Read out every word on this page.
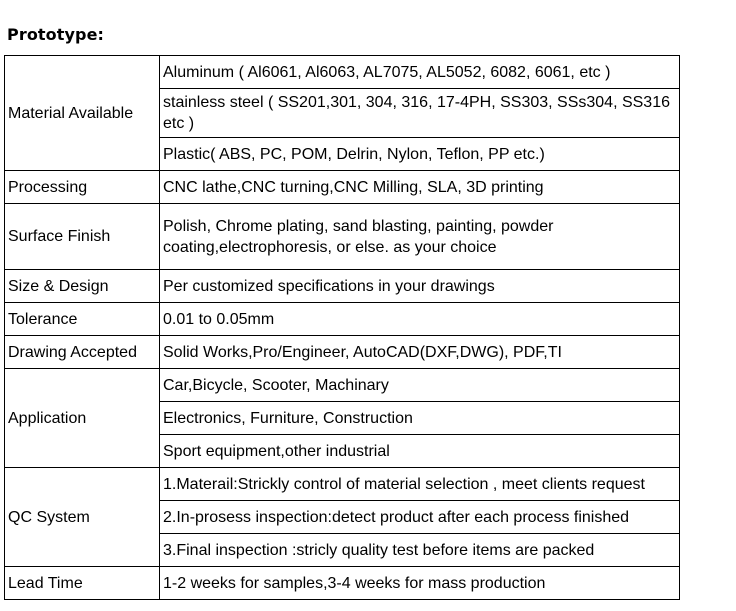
Prototype:
Material Available	Aluminum ( Al6061, Al6063, AL7075, AL5052, 6082, 6061, etc )
	stainless steel ( SS201,301, 304, 316, 17-4PH, SS303, SSs304, SS316 etc )
	Plastic( ABS, PC, POM, Delrin, Nylon, Teflon, PP etc.)
Processing	CNC lathe,CNC turning,CNC Milling, SLA, 3D printing
Surface Finish	Polish, Chrome plating, sand blasting, painting, powder coating,electrophoresis, or else. as your choice
Size & Design	Per customized specifications in your drawings
Tolerance	0.01 to 0.05mm
Drawing Accepted	Solid Works,Pro/Engineer, AutoCAD(DXF,DWG), PDF,TI
Application	Car,Bicycle, Scooter, Machinary
	Electronics, Furniture, Construction
	Sport equipment,other industrial
QC System	1.Materail:Strickly control of material selection , meet clients request
	2.In-prosess inspection:detect product after each process finished
	3.Final inspection :stricly quality test before items are packed
Lead Time	1-2 weeks for samples,3-4 weeks for mass production
